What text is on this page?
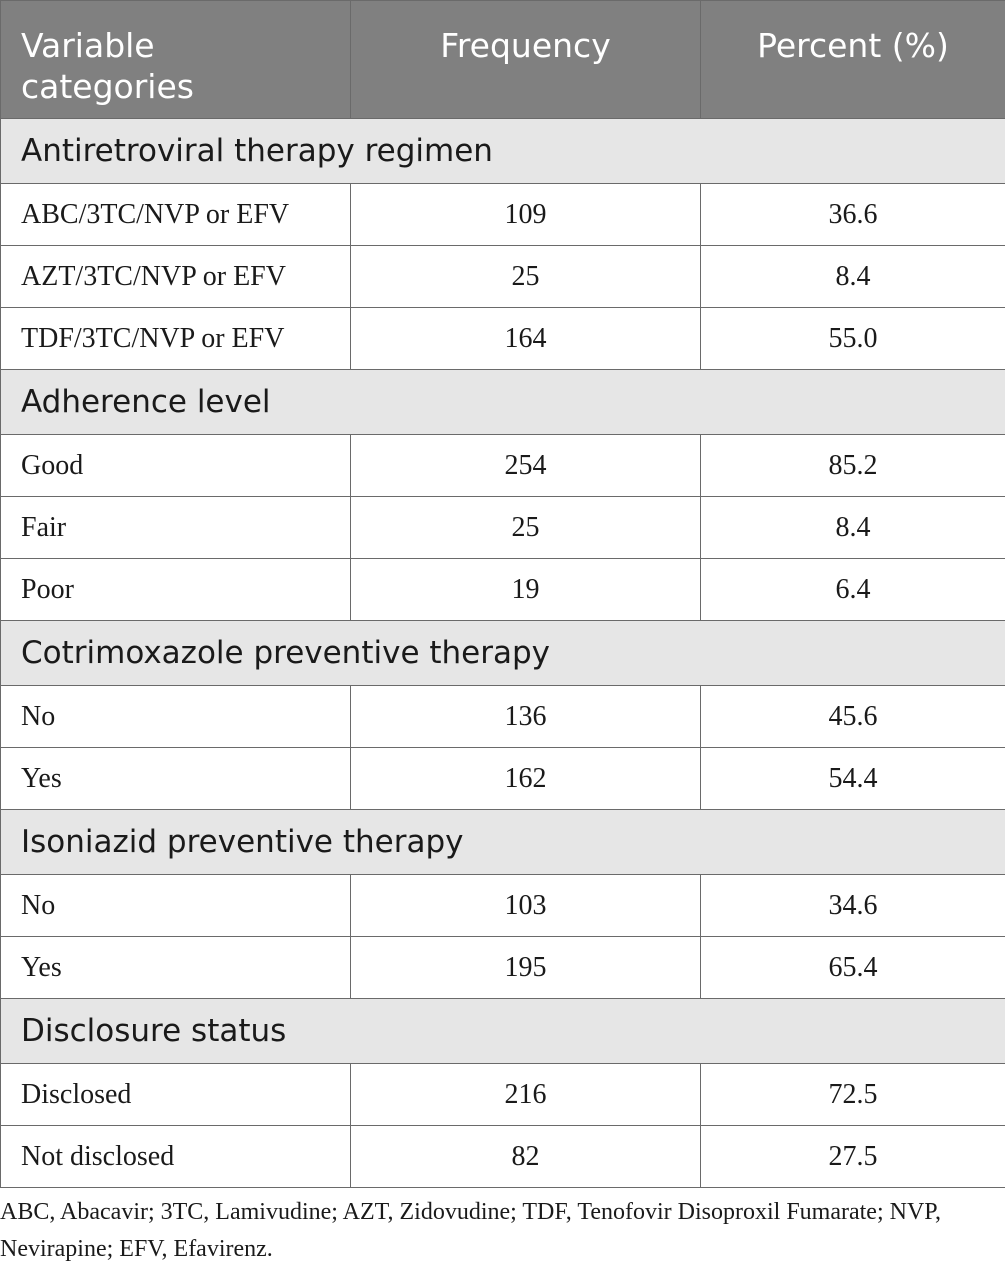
Variable
categories	Frequency	Percent (%)
Antiretroviral therapy regimen		
ABC/3TC/NVP or EFV	109	36.6
AZT/3TC/NVP or EFV	25	8.4
TDF/3TC/NVP or EFV	164	55.0
Adherence level		
Good	254	85.2
Fair	25	8.4
Poor	19	6.4
Cotrimoxazole preventive therapy		
No	136	45.6
Yes	162	54.4
Isoniazid preventive therapy		
No	103	34.6
Yes	195	65.4
Disclosure status		
Disclosed	216	72.5
Not disclosed	82	27.5
ABC, Abacavir; 3TC, Lamivudine; AZT, Zidovudine; TDF, Tenofovir Disoproxil Fumarate; NVP, Nevirapine; EFV, Efavirenz.
